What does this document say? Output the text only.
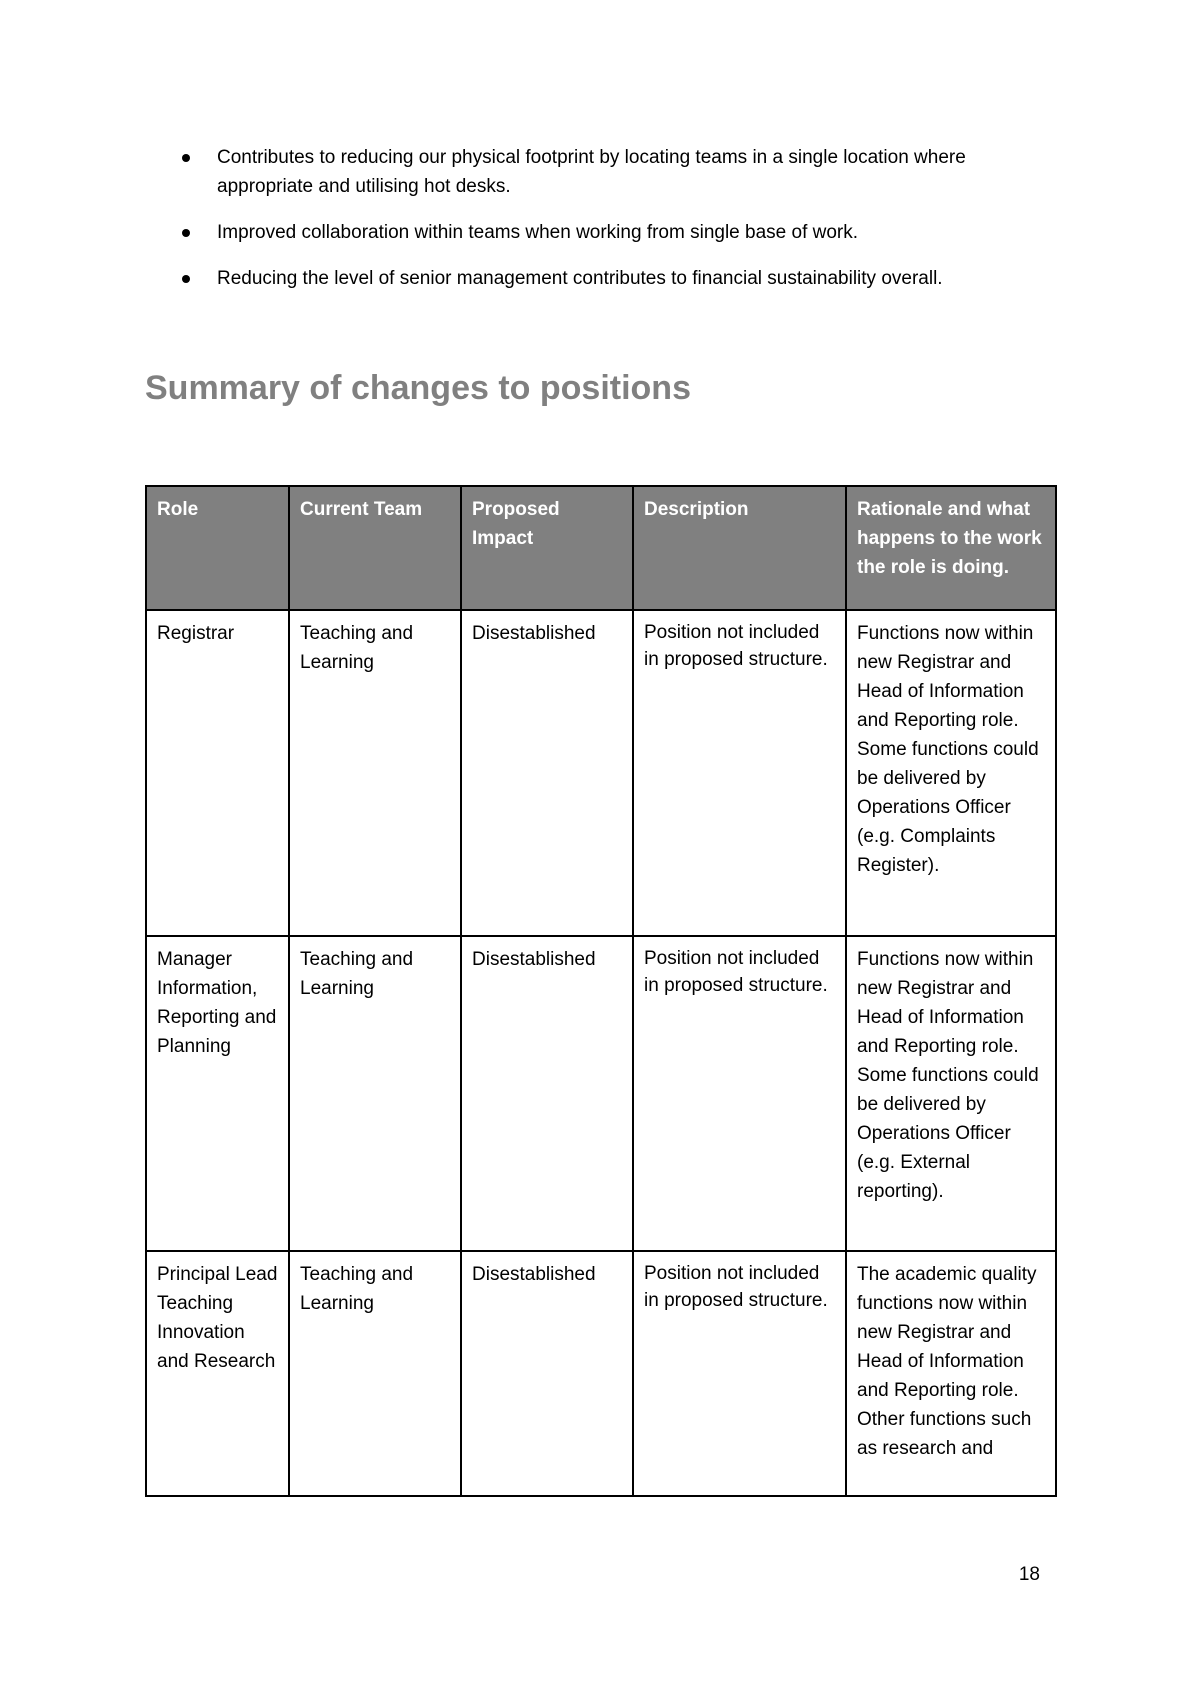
Contributes to reducing our physical footprint by locating teams in a single location where appropriate and utilising hot desks.
Improved collaboration within teams when working from single base of work.
Reducing the level of senior management contributes to financial sustainability overall.
Summary of changes to positions
Role	Current Team	Proposed Impact	Description	Rationale and what happens to the work the role is doing.
Registrar	Teaching and Learning	Disestablished	Position not included in proposed structure.	Functions now within new Registrar and Head of Information and Reporting role. Some functions could be delivered by Operations Officer (e.g. Complaints Register).
Manager Information, Reporting and Planning	Teaching and Learning	Disestablished	Position not included in proposed structure.	Functions now within new Registrar and Head of Information and Reporting role. Some functions could be delivered by Operations Officer (e.g. External reporting).
Principal Lead Teaching Innovation and Research	Teaching and Learning	Disestablished	Position not included in proposed structure.	The academic quality functions now within new Registrar and Head of Information and Reporting role. Other functions such as research and
18
